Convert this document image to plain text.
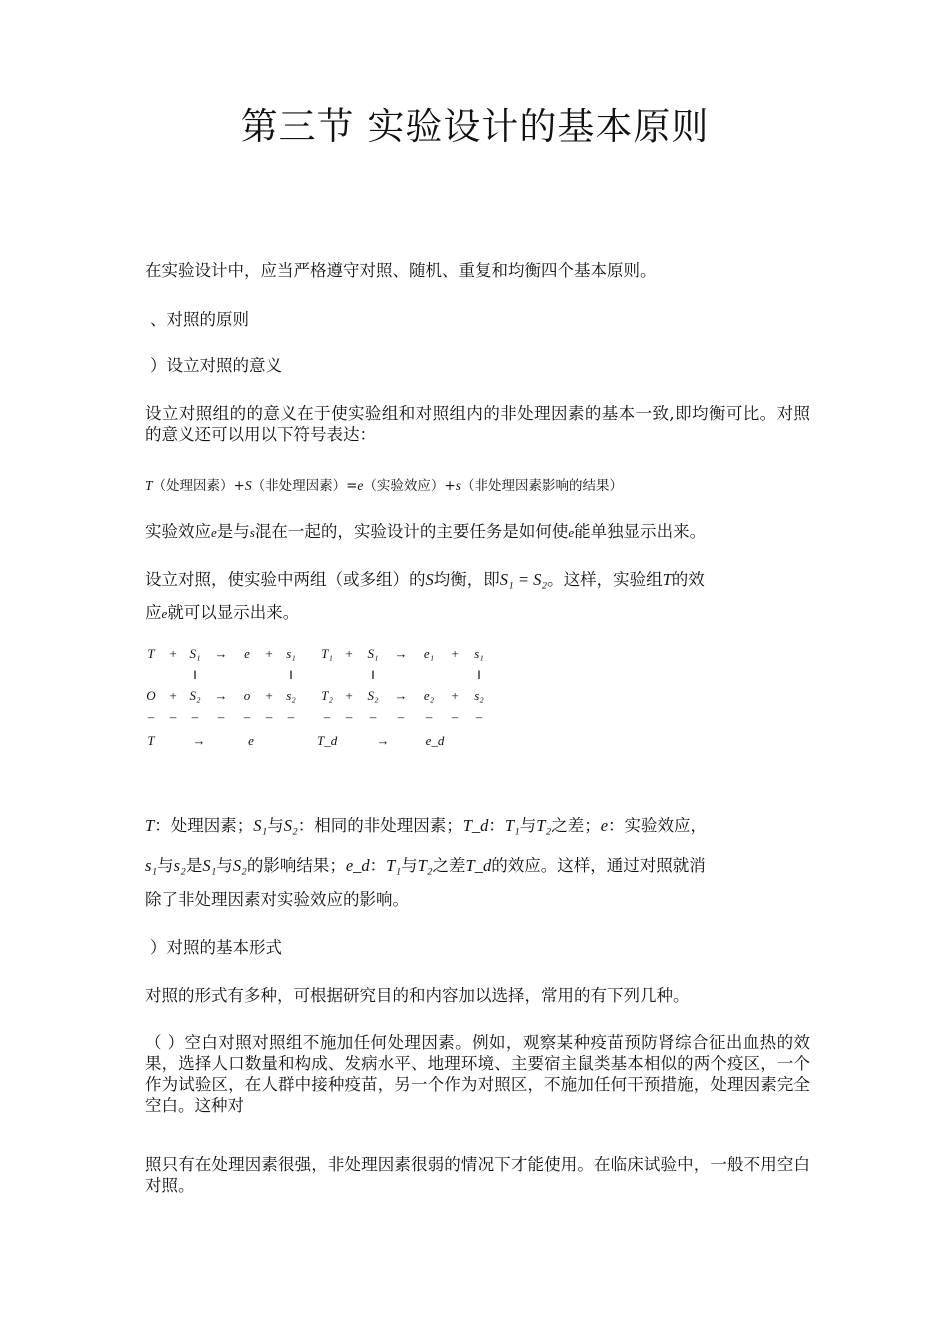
第三节 实验设计的基本原则

在实验设计中，应当严格遵守对照、随机、重复和均衡四个基本原则。

、对照的原则

）设立对照的意义

设立对照组的的意义在于使实验组和对照组内的非处理因素的基本一致,即均衡可比。对照的意义还可以用以下符号表达：

T（处理因素）+S（非处理因素）=e（实验效应）+s（非处理因素影响的结果）

实验效应e是与s混在一起的，实验设计的主要任务是如何使e能单独显示出来。

设立对照，使实验中两组（或多组）的S均衡，即S₁ = S₂。这样，实验组T的效
应e就可以显示出来。

T	+ S₁	→	e	+ s₁	T₁ +	S₁	→	e₁	+	s₁
‖	‖	‖	‖
O + S₂	→	o	+ s₂	T₂ +	S₂	→	e₂	+	s₂
–	–	–	–	–	–	–	–	–	–	–	–	–	–
T	→	e	T_d	→	e_d

T：处理因素；S₁与S₂：相同的非处理因素；T_d：T₁与T₂之差；e：实验效应，
s₁与s₂是S₁与S₂的影响结果；e_d：T₁与T₂之差T_d的效应。这样，通过对照就消

除了非处理因素对实验效应的影响。

）对照的基本形式

对照的形式有多种，可根据研究目的和内容加以选择，常用的有下列几种。

（ ）空白对照对照组不施加任何处理因素。例如，观察某种疫苗预防肾综合征出血热的效果，选择人口数量和构成、发病水平、地理环境、主要宿主鼠类基本相似的两个疫区，一个作为试验区，在人群中接种疫苗，另一个作为对照区，不施加任何干预措施，处理因素完全空白。这种对

照只有在处理因素很强，非处理因素很弱的情况下才能使用。在临床试验中，一般不用空白对照。
